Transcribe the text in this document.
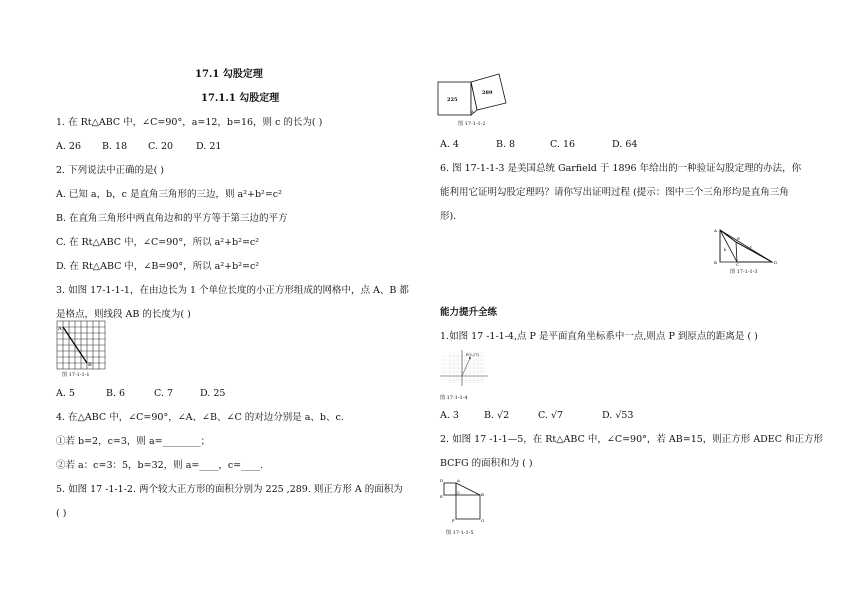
17.1 勾股定理
17.1.1 勾股定理
1. 在 Rt△ABC 中，∠C=90°，a=12，b=16，则 c 的长为( )
A. 26 B. 18 C. 20 D. 21
2. 下列说法中正确的是( )
A. 已知 a，b，c 是直角三角形的三边，则 a²+b²=c²
B. 在直角三角形中两直角边和的平方等于第三边的平方
C. 在 Rt△ABC 中，∠C=90°，所以 a²+b²=c²
D. 在 Rt△ABC 中，∠B=90°，所以 a²+b²=c²
3. 如图 17-1-1-1，在由边长为 1 个单位长度的小正方形组成的网格中，点 A、B 都
是格点，则线段 AB 的长度为( )
A
B
图 17-1-1-1
A. 5	B. 6	C. 7	D. 25
4. 在△ABC 中，∠C=90°，∠A、∠B、∠C 的对边分别是 a、b、c.
①若 b=2，c=3，则 a=________；
②若 a：c=3：5，b=32，则 a=____，c=____.
5. 如图 17 -1-1-2. 两个较大正方形的面积分别为 225 ,289. 则正方形 A 的面积为
( )
225
289
A
图 17-1-1-2
A. 4	B. 8	C. 16	D. 64
6. 图 17-1-1-3 是美国总统 Garfield 于 1896 年给出的一种验证勾股定理的办法，你
能利用它证明勾股定理吗？请你写出证明过程 (提示：图中三个三角形均是直角三角
形).
A
B	C	D
E
a
b
c
图 17-1-1-3
能力提升全练
1.如图 17 -1-1-4,点 P 是平面直角坐标系中一点,则点 P 到原点的距离是 ( )
P(2,√7)
图 17-1-1-4
A. 3	B. √2	C. √7	D. √53
2. 如图 17 -1-1—5，在 Rt△ABC 中，∠C=90°，若 AB=15，则正方形 ADEC 和正方形
BCFG 的面积和为 ( )
D	A
E
C	B
F	G
图 17-1-1-5
